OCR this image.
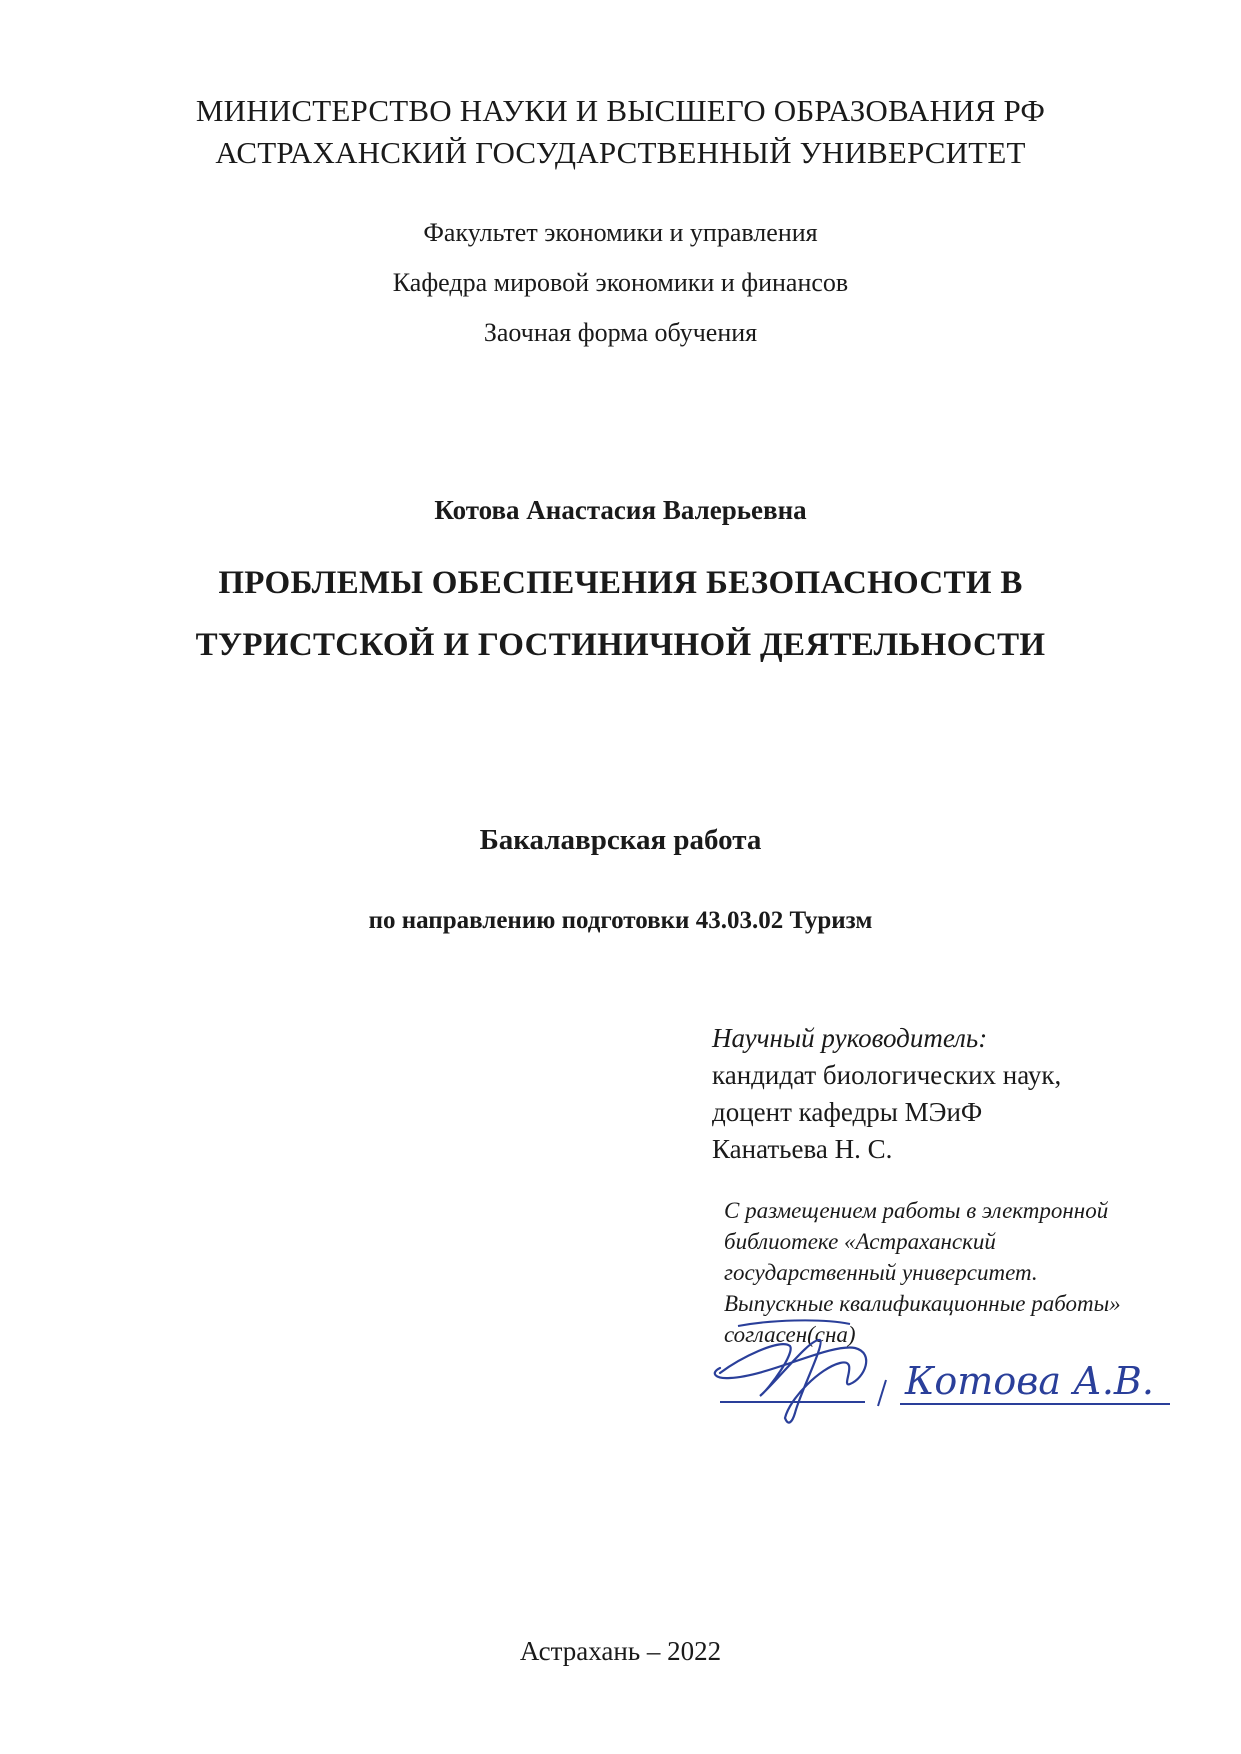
МИНИСТЕРСТВО НАУКИ И ВЫСШЕГО ОБРАЗОВАНИЯ РФ
АСТРАХАНСКИЙ ГОСУДАРСТВЕННЫЙ УНИВЕРСИТЕТ
Факультет экономики и управления
Кафедра мировой экономики и финансов
Заочная форма обучения
Котова Анастасия Валерьевна
ПРОБЛЕМЫ ОБЕСПЕЧЕНИЯ БЕЗОПАСНОСТИ В
ТУРИСТСКОЙ И ГОСТИНИЧНОЙ ДЕЯТЕЛЬНОСТИ
Бакалаврская работа
по направлению подготовки 43.03.02 Туризм
Научный руководитель:
кандидат биологических наук,
доцент кафедры МЭиФ
Канатьева Н. С.
С размещением работы в электронной
библиотеке «Астраханский
государственный университет.
Выпускные квалификационные работы»
согласен(сна)
Котова А.В.
Астрахань – 2022
